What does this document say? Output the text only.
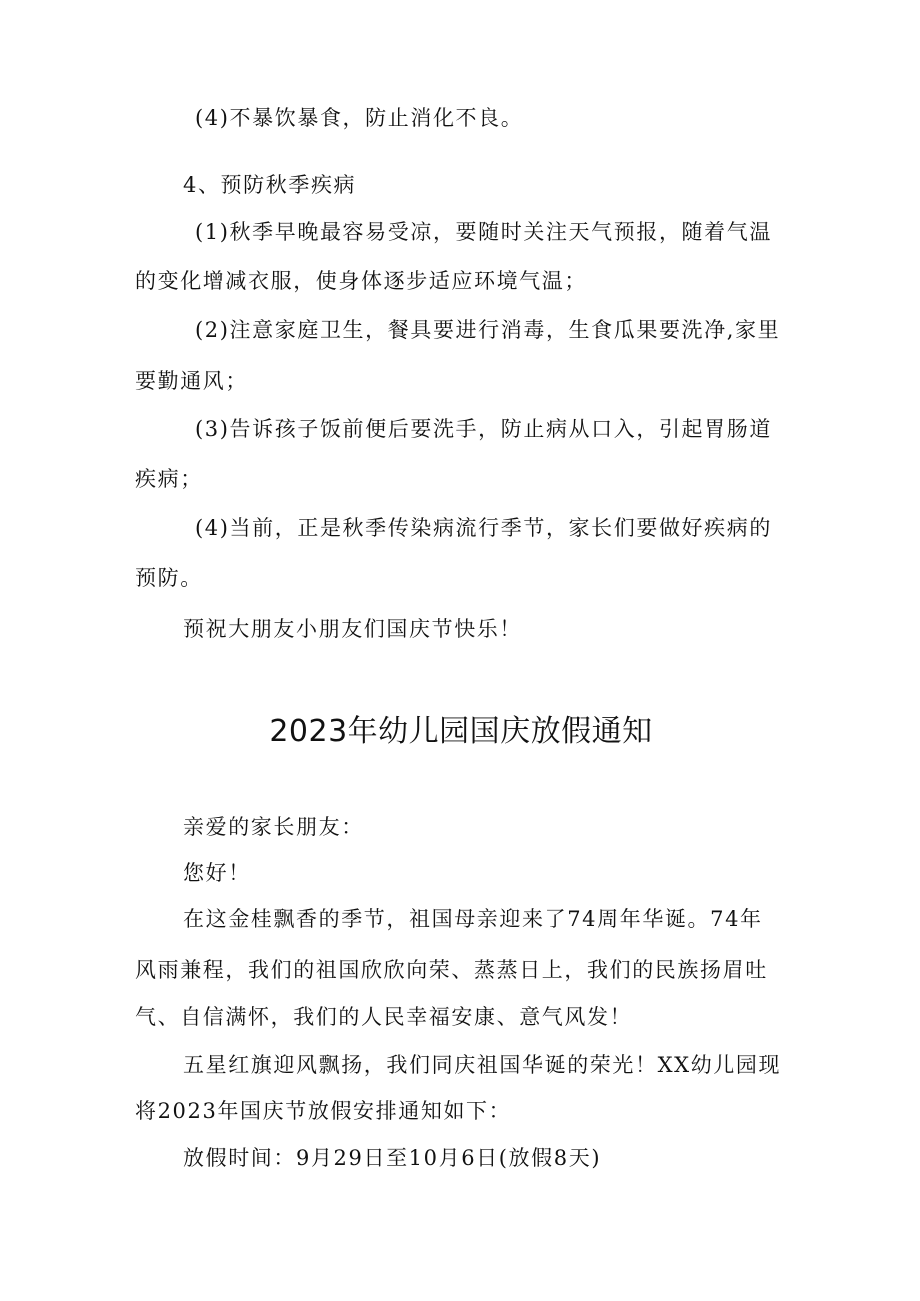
(4)不暴饮暴食，防止消化不良。
4、预防秋季疾病
(1)秋季早晚最容易受凉，要随时关注天气预报，随着气温
的变化增减衣服，使身体逐步适应环境气温；
(2)注意家庭卫生，餐具要进行消毒，生食瓜果要洗净,家里
要勤通风；
(3)告诉孩子饭前便后要洗手，防止病从口入，引起胃肠道
疾病；
(4)当前，正是秋季传染病流行季节，家长们要做好疾病的
预防。
预祝大朋友小朋友们国庆节快乐！
2023年幼儿园国庆放假通知
亲爱的家长朋友：
您好！
在这金桂飘香的季节，祖国母亲迎来了74周年华诞。74年
风雨兼程，我们的祖国欣欣向荣、蒸蒸日上，我们的民族扬眉吐
气、自信满怀，我们的人民幸福安康、意气风发！
五星红旗迎风飘扬，我们同庆祖国华诞的荣光！XX幼儿园现
将2023年国庆节放假安排通知如下：
放假时间：9月29日至10月6日(放假8天)
